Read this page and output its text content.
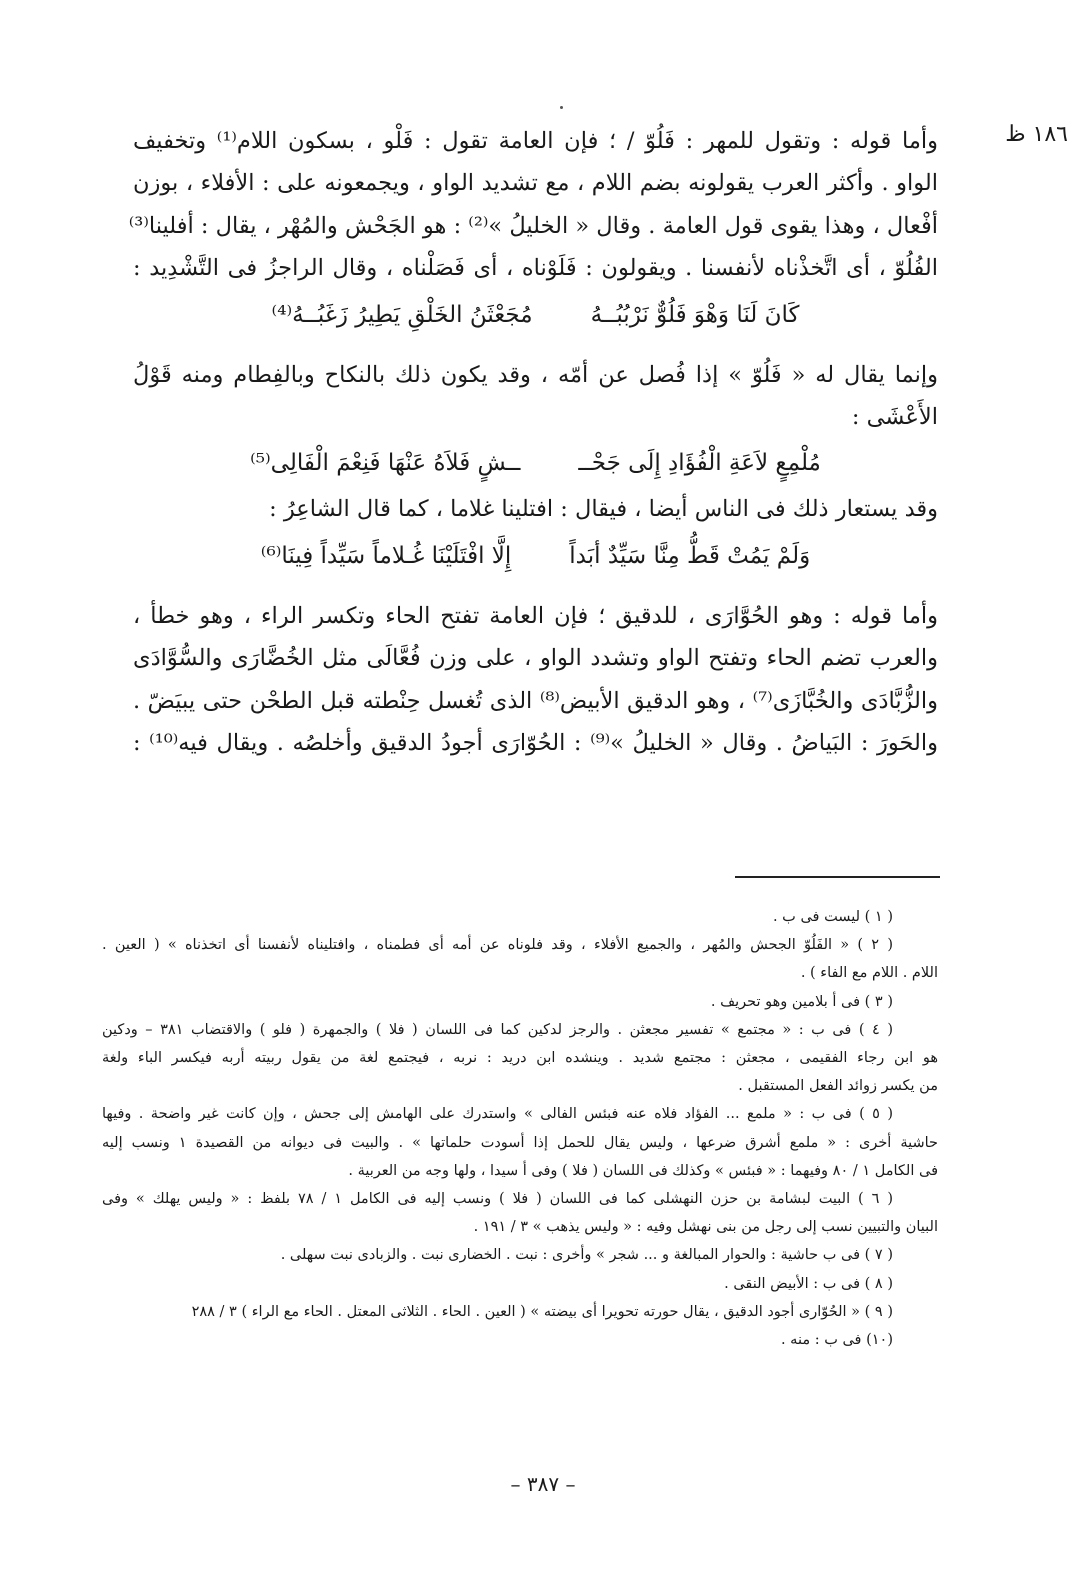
١٨٦ ظ
وأما قوله : وتقول للمهر : فَلُوّ / ؛ فإن العامة تقول : فَلْو ، بسكون اللام⁽¹⁾ وتخفيف
الواو . وأكثر العرب يقولونه بضم اللام ، مع تشديد الواو ، ويجمعونه على : الأفلاء ، بوزن
أفْعال ، وهذا يقوى قول العامة . وقال « الخليلُ »⁽²⁾ : هو الجَحْش والمُهْر ، يقال : أفلينا⁽³⁾
الفُلُوّ ، أى اتَّخذْناه لأنفسنا . ويقولون : فَلَوْناه ، أى فَصَلْناه ، وقال الراجزُ فى التَّشْدِيد :
كَانَ لَنَا وَهْوَ فَلُوٌّ نَرْبُبُــهُ
مُجَعْثَنُ الخَلْقِ يَطِيرُ زَغَبُــهُ⁽⁴⁾
وإنما يقال له « فَلُوّ » إذا فُصل عن أمّه ، وقد يكون ذلك بالنكاح وبالفِطام ومنه قَوْلُ
الأَعْشَى :
مُلْمِعٍ لاَعَةِ الْفُؤَادِ إِلَى جَحْــ
ــشٍ فَلاَهُ عَنْهَا فَنِعْمَ الْفَالِى⁽⁵⁾
وقد يستعار ذلك فى الناس أيضا ، فيقال : افتلينا غلاما ، كما قال الشاعِرُ :
وَلَمْ يَمُتْ قَطُّ مِنَّا سَيِّدٌ أبَداً
إِلَّا افْتَلَيْنَا غُـلاماً سَيِّداً فِينَا⁽⁶⁾
وأما قوله : وهو الحُوَّارَى ، للدقيق ؛ فإن العامة تفتح الحاء وتكسر الراء ، وهو خطأ ،
والعرب تضم الحاء وتفتح الواو وتشدد الواو ، على وزن فُعَّالَى مثل الخُضَّارَى والسُّوَّادَى
والزُّبَّادَى والخُبَّازَى⁽⁷⁾ ، وهو الدقيق الأبيض⁽⁸⁾ الذى تُغسل حِنْطته قبل الطحْن حتى يبيَضّ .
والحَورَ : البَياضُ . وقال « الخليلُ »⁽⁹⁾ : الحُوّارَى أجودُ الدقيق وأخلصُه . ويقال فيه⁽¹⁰⁾ :
( ١ ) ليست فى ب .
( ٢ ) « الفَلُوّ الجحش والمُهر ، والجميع الأفلاء ، وقد فلوناه عن أمه أى فطمناه ، وافتليناه لأنفسنا أى اتخذناه » ( العين .
اللام . اللام مع الفاء ) .
( ٣ ) فى أ بلامين وهو تحريف .
( ٤ ) فى ب : « مجتمع » تفسير مجعثن . والرجز لدكين كما فى اللسان ( فلا ) والجمهرة ( فلو ) والاقتضاب ٣٨١ – ودكين
هو ابن رجاء الفقيمى ، مجعثن : مجتمع شديد . وينشده ابن دريد : نربه ، فيجتمع لغة من يقول ربيته أربه فيكسر الباء ولغة
من يكسر زوائد الفعل المستقبل .
( ٥ ) فى ب : « ملمع ... الفؤاد فلاه عنه فبئس الفالى » واستدرك على الهامش إلى جحش ، وإن كانت غير واضحة . وفيها
حاشية أخرى : « ملمع أشرق ضرعها ، وليس يقال للحمل إذا أسودت حلماتها » . والبيت فى ديوانه من القصيدة ١ ونسب إليه
فى الكامل ١ / ٨٠ وفيهما : « فبئس » وكذلك فى اللسان ( فلا ) وفى أ سيدا ، ولها وجه من العربية .
( ٦ ) البيت لبشامة بن حزن النهشلى كما فى اللسان ( فلا ) ونسب إليه فى الكامل ١ / ٧٨ بلفظ : « وليس يهلك » وفى
البيان والتبيين نسب إلى رجل من بنى نهشل وفيه : « وليس يذهب » ٣ / ١٩١ .
( ٧ ) فى ب حاشية : والحوار المبالغة و ... شجر » وأخرى : نبت . الخضارى نبت . والزبادى نبت سهلى .
( ٨ ) فى ب : الأبيض النقى .
( ٩ ) « الحُوّارى أجود الدقيق ، يقال حورته تحويرا أى بيضته » ( العين . الحاء . الثلاثى المعتل . الحاء مع الراء ) ٣ / ٢٨٨
(١٠) فى ب : منه .
– ٣٨٧ –
